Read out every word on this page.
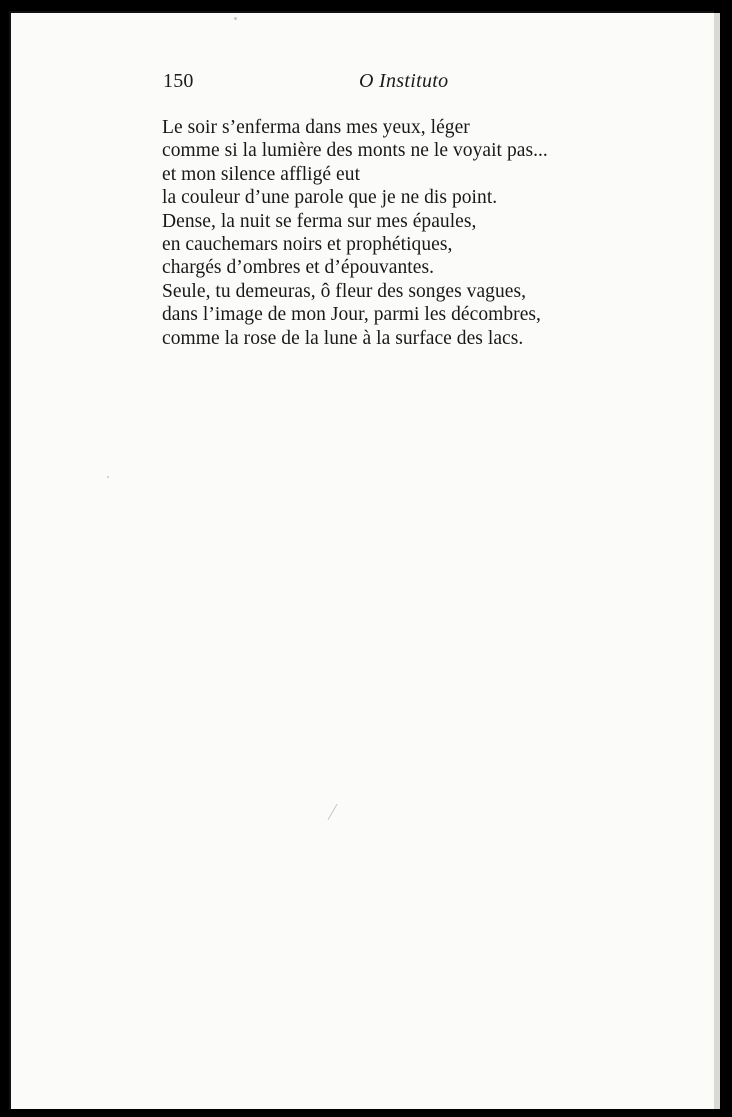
150	O Instituto
Le soir s’enferma dans mes yeux, léger
comme si la lumière des monts ne le voyait pas...
et mon silence affligé eut
la couleur d’une parole que je ne dis point.
Dense, la nuit se ferma sur mes épaules,
en cauchemars noirs et prophétiques,
chargés d’ombres et d’épouvantes.
Seule, tu demeuras, ô fleur des songes vagues,
dans l’image de mon Jour, parmi les décombres,
comme la rose de la lune à la surface des lacs.
